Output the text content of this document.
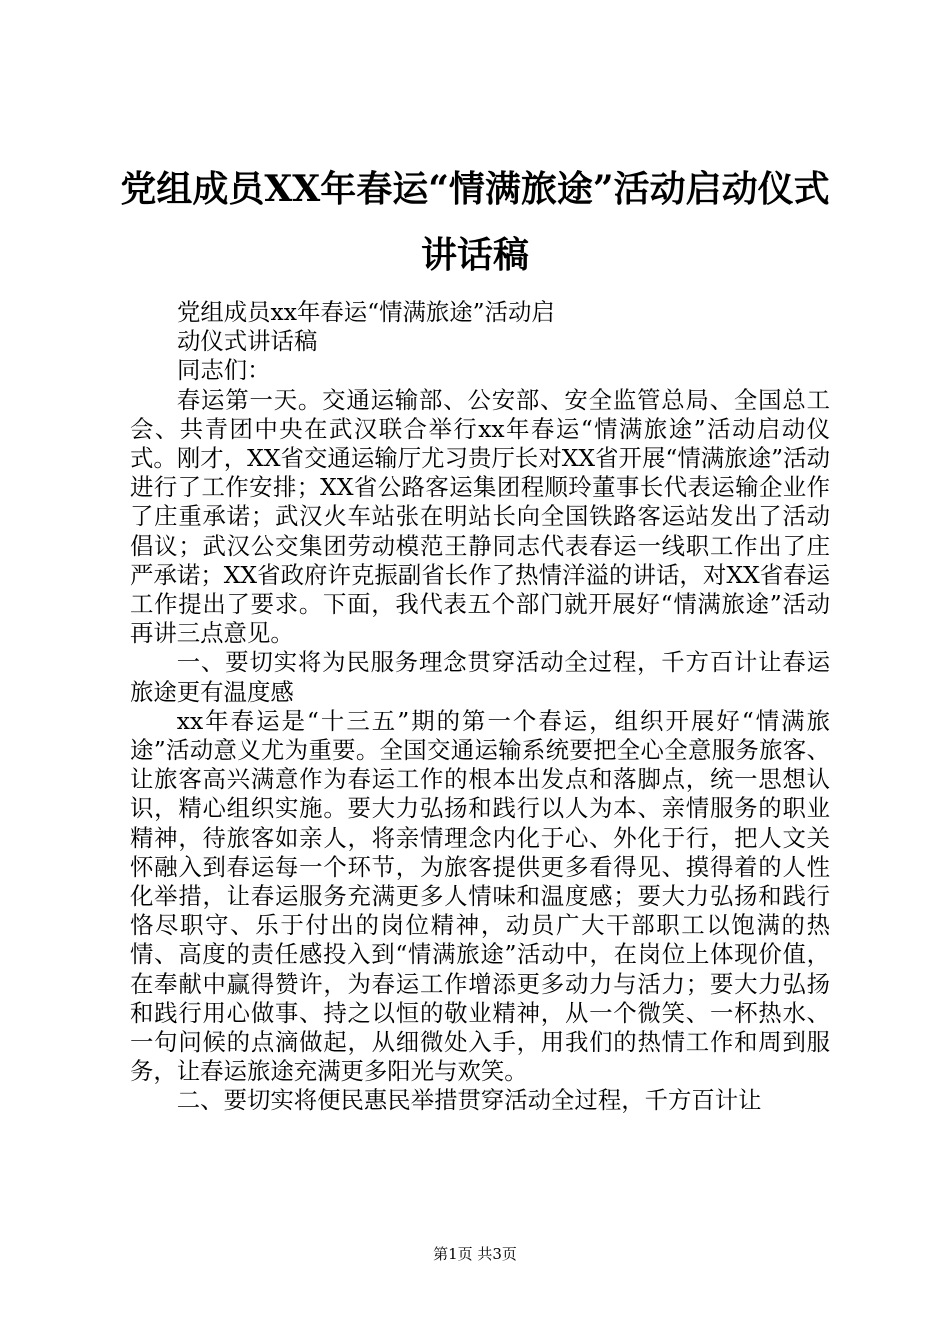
党组成员XX年春运“情满旅途”活动启动仪式讲话稿

党组成员xx年春运“情满旅途”活动启

动仪式讲话稿

同志们：

春运第一天。交通运输部、公安部、安全监管总局、全国总工会、共青团中央在武汉联合举行xx年春运“情满旅途”活动启动仪式。刚才，XX省交通运输厅尤习贵厅长对XX省开展“情满旅途”活动进行了工作安排；XX省公路客运集团程顺玲董事长代表运输企业作了庄重承诺；武汉火车站张在明站长向全国铁路客运站发出了活动倡议；武汉公交集团劳动模范王静同志代表春运一线职工作出了庄严承诺；XX省政府许克振副省长作了热情洋溢的讲话，对XX省春运工作提出了要求。下面，我代表五个部门就开展好“情满旅途”活动再讲三点意见。

一、要切实将为民服务理念贯穿活动全过程，千方百计让春运旅途更有温度感

xx年春运是“十三五”期的第一个春运，组织开展好“情满旅途”活动意义尤为重要。全国交通运输系统要把全心全意服务旅客、让旅客高兴满意作为春运工作的根本出发点和落脚点，统一思想认识，精心组织实施。要大力弘扬和践行以人为本、亲情服务的职业精神，待旅客如亲人，将亲情理念内化于心、外化于行，把人文关怀融入到春运每一个环节，为旅客提供更多看得见、摸得着的人性化举措，让春运服务充满更多人情味和温度感；要大力弘扬和践行恪尽职守、乐于付出的岗位精神，动员广大干部职工以饱满的热情、高度的责任感投入到“情满旅途”活动中，在岗位上体现价值，在奉献中赢得赞许，为春运工作增添更多动力与活力；要大力弘扬和践行用心做事、持之以恒的敬业精神，从一个微笑、一杯热水、一句问候的点滴做起，从细微处入手，用我们的热情工作和周到服务，让春运旅途充满更多阳光与欢笑。

二、要切实将便民惠民举措贯穿活动全过程，千方百计让

第1页 共3页
